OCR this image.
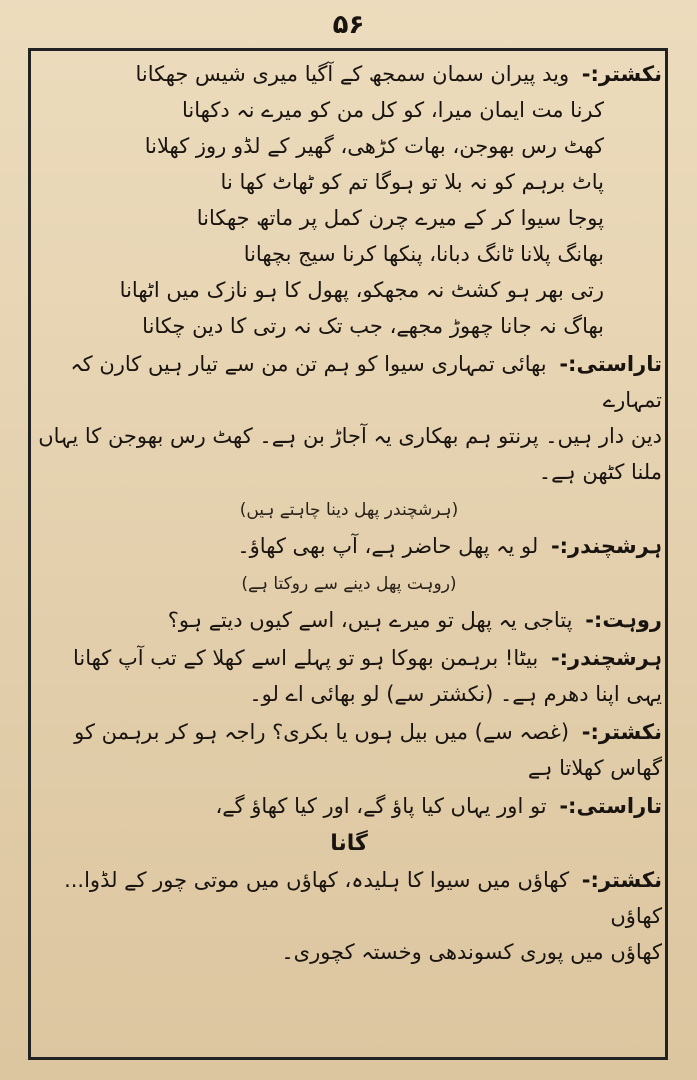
۵۶
نکشتر:- وید پیران سمان سمجھ کے آگیا میری شیس جھکانا
کرنا مت ایمان میرا، کو کل من کو میرے نہ دکھانا
کھٹ رس بھوجن، بھات کڑھی، گھیر کے لڈو روز کھلانا
پاٹ برہم کو نہ بلا تو ہوگا تم کو ٹھاٹ کھا نا
پوجا سیوا کر کے میرے چرن کمل پر ماتھ جھکانا
بھانگ پلانا ٹانگ دبانا، پنکھا کرنا سیج بچھانا
رتی بھر ہو کشٹ نہ مجھکو، پھول کا ہو نازک میں اٹھانا
بھاگ نہ جانا چھوڑ مجھے، جب تک نہ رتی کا دین چکانا
تاراستی:- بھائی تمہاری سیوا کو ہم تن من سے تیار ہیں کارن کہ تمہارے
دین دار ہیں۔ پرنتو ہم بھکاری یہ آجاڑ بن ہے۔ کھٹ رس بھوجن کا یہاں
ملنا کٹھن ہے۔
(ہرشچندر پھل دینا چاہتے ہیں)
ہرشچندر:- لو یہ پھل حاضر ہے، آپ بھی کھاؤ۔
(روہت پھل دینے سے روکتا ہے)
روہت:- پتاجی یہ پھل تو میرے ہیں، اسے کیوں دیتے ہو؟
ہرشچندر:- بیٹا! برہمن بھوکا ہو تو پہلے اسے کھلا کے تب آپ کھانا
یہی اپنا دھرم ہے۔ (نکشتر سے) لو بھائی اے لو۔
نکشتر:- (غصہ سے) میں بیل ہوں یا بکری؟ راجہ ہو کر برہمن کو گھاس کھلاتا ہے
تاراستی:- تو اور یہاں کیا پاؤ گے، اور کیا کھاؤ گے،
گانا
نکشتر:- کھاؤں میں سیوا کا ہلیدہ، کھاؤں میں موتی چور کے لڈوا... کھاؤں
کھاؤں میں پوری کسوندھی وخستہ کچوری۔
